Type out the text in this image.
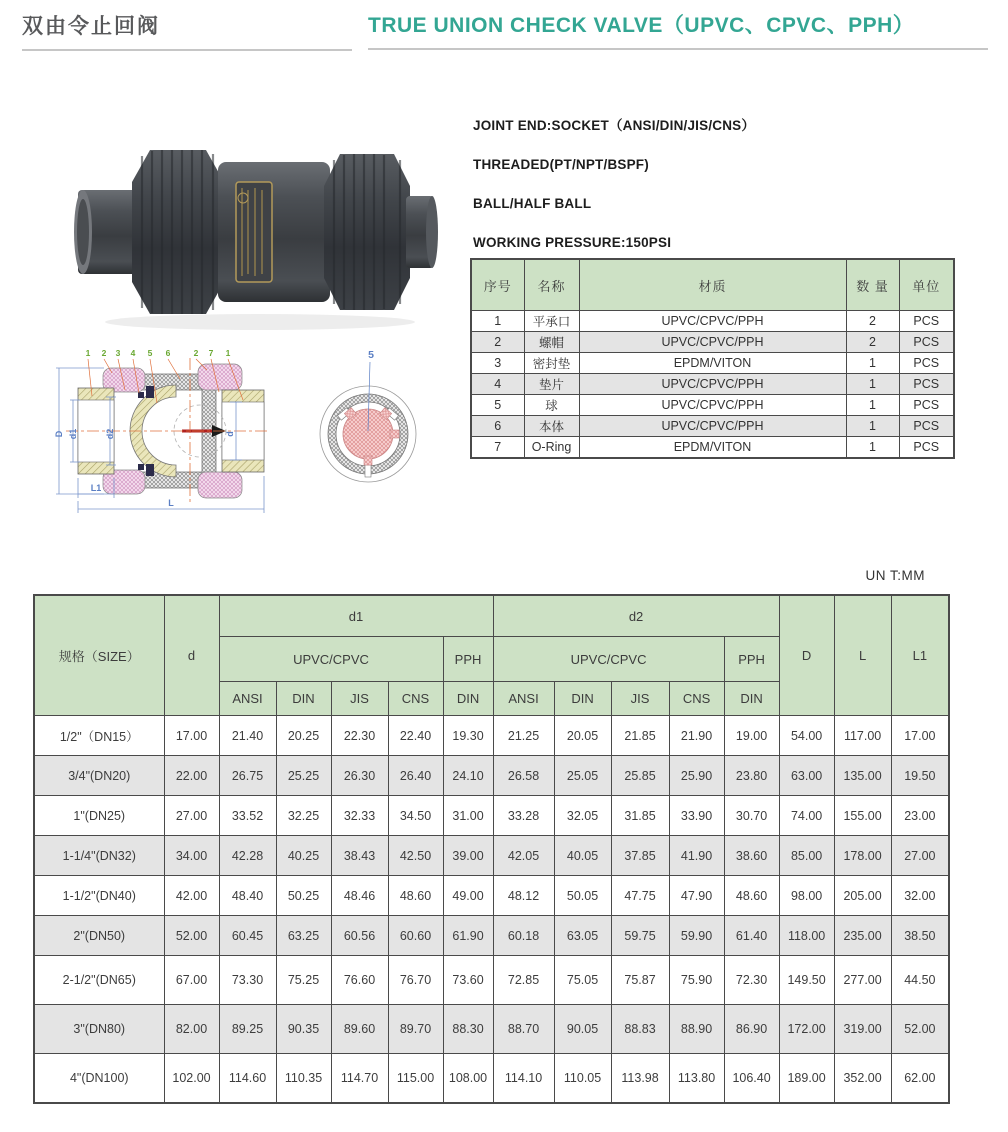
双由令止回阀	TRUE UNION CHECK VALVE（UPVC、CPVC、PPH）
JOINT END:SOCKET（ANSI/DIN/JIS/CNS）
THREADED(PT/NPT/BSPF)
BALL/HALF BALL
WORKING PRESSURE:150PSI
序号	名称	材质	数 量	单位
1	平承口	UPVC/CPVC/PPH	2	PCS
2	螺帽	UPVC/CPVC/PPH	2	PCS
3	密封垫	EPDM/VITON	1	PCS
4	垫片	UPVC/CPVC/PPH	1	PCS
5	球	UPVC/CPVC/PPH	1	PCS
6	本体	UPVC/CPVC/PPH	1	PCS
7	O-Ring	EPDM/VITON	1	PCS
UN T:MM
规格（SIZE）	d	d1					d2					D	L	L1
		UPVC/CPVC				PPH	UPVC/CPVC				PPH			
		ANSI	DIN	JIS	CNS	DIN	ANSI	DIN	JIS	CNS	DIN			
1/2"（DN15）	17.00	21.40	20.25	22.30	22.40	19.30	21.25	20.05	21.85	21.90	19.00	54.00	117.00	17.00
3/4"(DN20)	22.00	26.75	25.25	26.30	26.40	24.10	26.58	25.05	25.85	25.90	23.80	63.00	135.00	19.50
1"(DN25)	27.00	33.52	32.25	32.33	34.50	31.00	33.28	32.05	31.85	33.90	30.70	74.00	155.00	23.00
1-1/4"(DN32)	34.00	42.28	40.25	38.43	42.50	39.00	42.05	40.05	37.85	41.90	38.60	85.00	178.00	27.00
1-1/2"(DN40)	42.00	48.40	50.25	48.46	48.60	49.00	48.12	50.05	47.75	47.90	48.60	98.00	205.00	32.00
2"(DN50)	52.00	60.45	63.25	60.56	60.60	61.90	60.18	63.05	59.75	59.90	61.40	118.00	235.00	38.50
2-1/2"(DN65)	67.00	73.30	75.25	76.60	76.70	73.60	72.85	75.05	75.87	75.90	72.30	149.50	277.00	44.50
3"(DN80)	82.00	89.25	90.35	89.60	89.70	88.30	88.70	90.05	88.83	88.90	86.90	172.00	319.00	52.00
4"(DN100)	102.00	114.60	110.35	114.70	115.00	108.00	114.10	110.05	113.98	113.80	106.40	189.00	352.00	62.00
D d1	d2	d
L1
L
1 2 3 4 5 6	2 7 1	5
